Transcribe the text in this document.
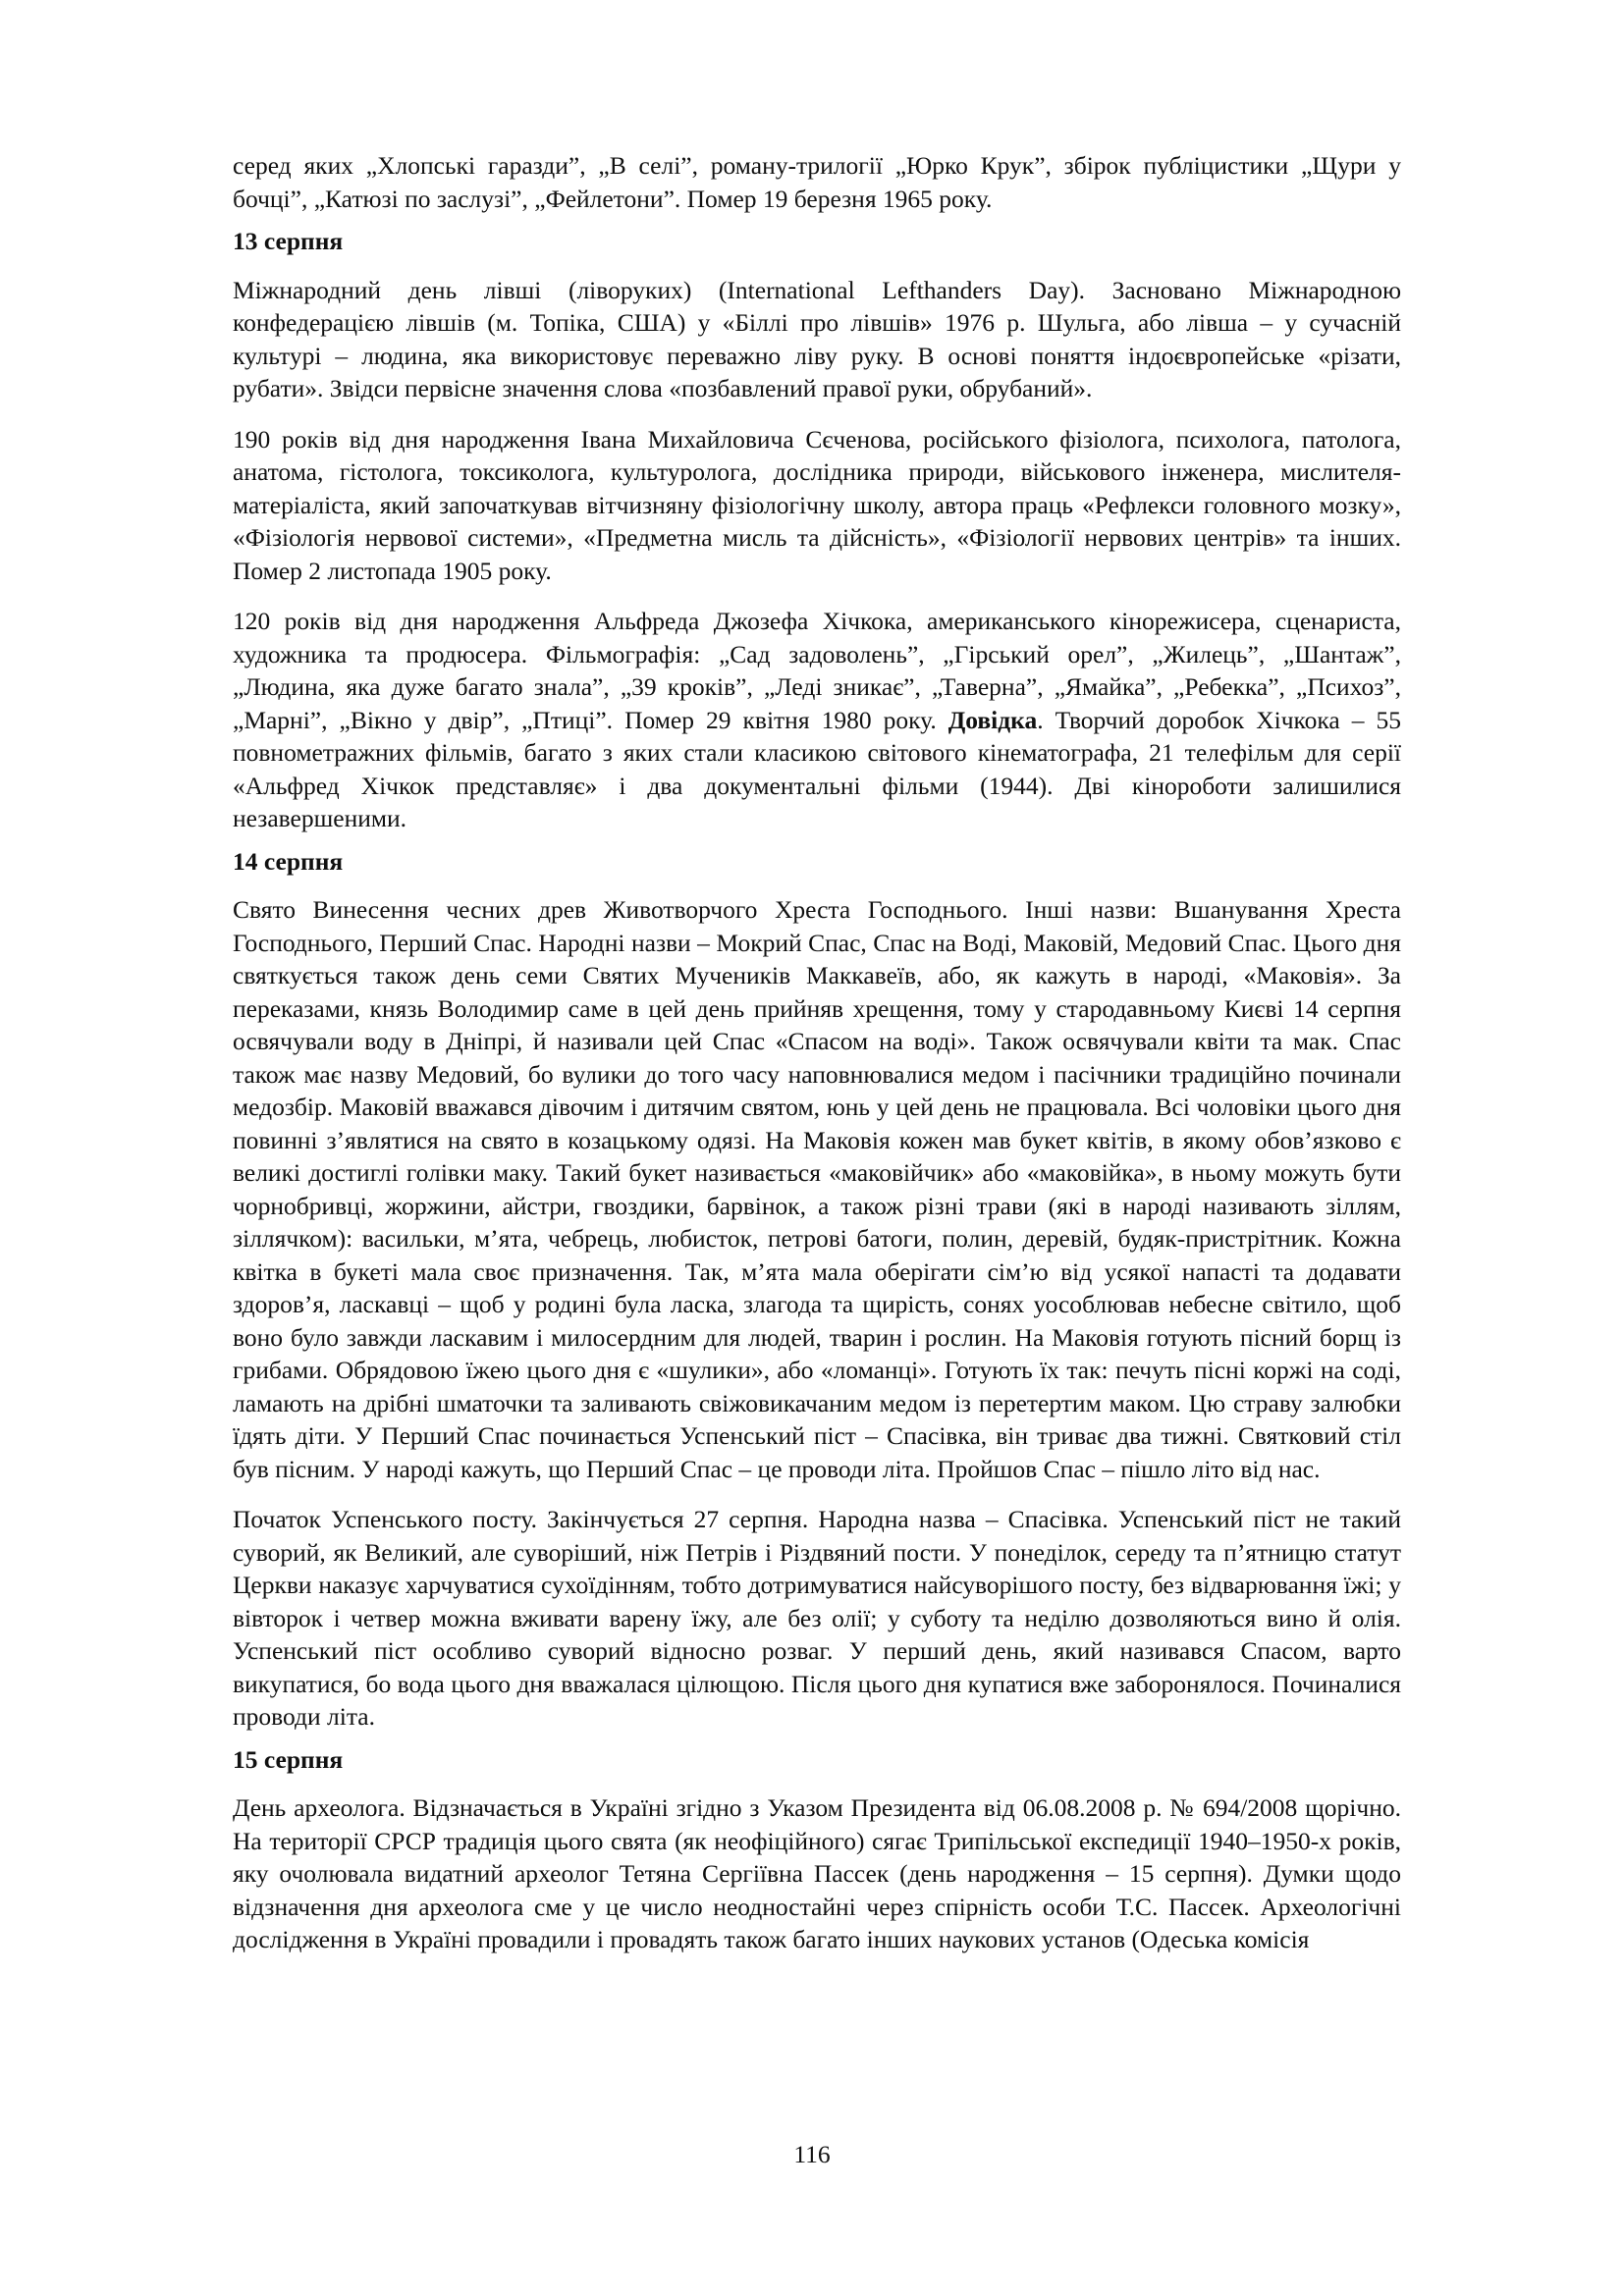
серед яких „Хлопські гаразди”, „В селі”, роману-трилогії „Юрко Крук”, збірок публіцистики „Щури у бочці”, „Катюзі по заслузі”, „Фейлетони”. Помер 19 березня 1965 року.

13 серпня

Міжнародний день лівші (ліворуких) (International Lefthanders Day). Засновано Міжнародною конфедерацією лівшів (м. Топіка, США) у «Біллі про лівшів» 1976 р. Шульга, або лівша – у сучасній культурі – людина, яка використовує переважно ліву руку. В основі поняття індоєвропейське «різати, рубати». Звідси первісне значення слова «позбавлений правої руки, обрубаний».

190 років від дня народження Івана Михайловича Сєченова, російського фізіолога, психолога, патолога, анатома, гістолога, токсиколога, культуролога, дослідника природи, військового інженера, мислителя-матеріаліста, який започаткував вітчизняну фізіологічну школу, автора праць «Рефлекси головного мозку», «Фізіологія нервової системи», «Предметна мисль та дійсність», «Фізіології нервових центрів» та інших. Помер 2 листопада 1905 року.

120 років від дня народження Альфреда Джозефа Хічкока, американського кінорежисера, сценариста, художника та продюсера. Фільмографія: „Сад задоволень”, „Гірський орел”, „Жилець”, „Шантаж”, „Людина, яка дуже багато знала”, „39 кроків”, „Леді зникає”, „Таверна”, „Ямайка”, „Ребекка”, „Психоз”, „Марні”, „Вікно у двір”, „Птиці”. Помер 29 квітня 1980 року. Довідка. Творчий доробок Хічкока – 55 повнометражних фільмів, багато з яких стали класикою світового кінематографа, 21 телефільм для серії «Альфред Хічкок представляє» і два документальні фільми (1944). Дві кінороботи залишилися незавершеними.

14 серпня

Свято Винесення чесних древ Животворчого Хреста Господнього. Інші назви: Вшанування Хреста Господнього, Перший Спас. Народні назви – Мокрий Спас, Спас на Воді, Маковій, Медовий Спас. Цього дня святкується також день семи Святих Мучеників Маккавеїв, або, як кажуть в народі, «Маковія». За переказами, князь Володимир саме в цей день прийняв хрещення, тому у стародавньому Києві 14 серпня освячували воду в Дніпрі, й називали цей Спас «Спасом на воді». Також освячували квіти та мак. Спас також має назву Медовий, бо вулики до того часу наповнювалися медом і пасічники традиційно починали медозбір. Маковій вважався дівочим і дитячим святом, юнь у цей день не працювала. Всі чоловіки цього дня повинні з’являтися на свято в козацькому одязі. На Маковія кожен мав букет квітів, в якому обов’язково є великі достиглі голівки маку. Такий букет називається «маковійчик» або «маковійка», в ньому можуть бути чорнобривці, жоржини, айстри, гвоздики, барвінок, а також різні трави (які в народі називають зіллям, зіллячком): васильки, м’ята, чебрець, любисток, петрові батоги, полин, деревій, будяк-пристрітник. Кожна квітка в букеті мала своє призначення. Так, м’ята мала оберігати сім’ю від усякої напасті та додавати здоров’я, ласкавці – щоб у родині була ласка, злагода та щирість, сонях уособлював небесне світило, щоб воно було завжди ласкавим і милосердним для людей, тварин і рослин. На Маковія готують пісний борщ із грибами. Обрядовою їжею цього дня є «шулики», або «ломанці». Готують їх так: печуть пісні коржі на соді, ламають на дрібні шматочки та заливають свіжовикачаним медом із перетертим маком. Цю страву залюбки їдять діти. У Перший Спас починається Успенський піст – Спасівка, він триває два тижні. Святковий стіл був пісним. У народі кажуть, що Перший Спас – це проводи літа. Пройшов Спас – пішло літо від нас.

Початок Успенського посту. Закінчується 27 серпня. Народна назва – Спасівка. Успенський піст не такий суворий, як Великий, але суворіший, ніж Петрів і Різдвяний пости. У понеділок, середу та п’ятницю статут Церкви наказує харчуватися сухоїдінням, тобто дотримуватися найсуворішого посту, без відварювання їжі; у вівторок і четвер можна вживати варену їжу, але без олії; у суботу та неділю дозволяються вино й олія. Успенський піст особливо суворий відносно розваг. У перший день, який називався Спасом, варто викупатися, бо вода цього дня вважалася цілющою. Після цього дня купатися вже заборонялося. Починалися проводи літа.

15 серпня

День археолога. Відзначається в Україні згідно з Указом Президента від 06.08.2008 р. № 694/2008 щорічно. На території СРСР традиція цього свята (як неофіційного) сягає Трипільської експедиції 1940–1950-х років, яку очолювала видатний археолог Тетяна Сергіївна Пассек (день народження – 15 серпня). Думки щодо відзначення дня археолога сме у це число неодностайні через спірність особи Т.С. Пассек. Археологічні дослідження в Україні провадили і провадять також багато інших наукових установ (Одеська комісія

116
